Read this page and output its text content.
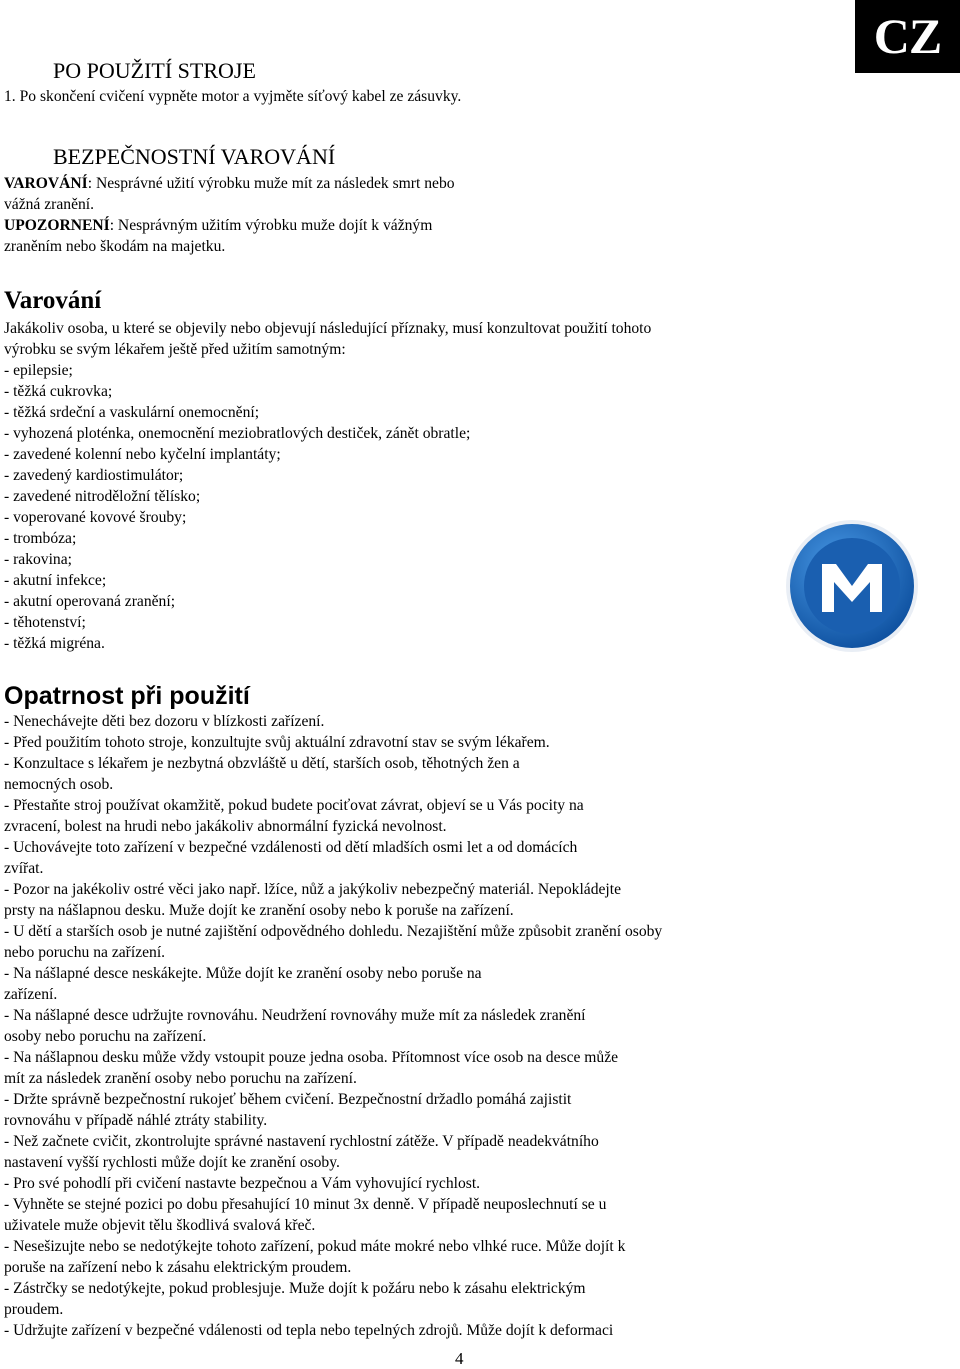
CZ
PO POUŽITÍ STROJE
1. Po skončení cvičení vypněte motor a vyjměte síťový kabel ze zásuvky.
BEZPEČNOSTNÍ VAROVÁNÍ
VAROVÁNÍ: Nesprávné užití výrobku muže mít za následek smrt nebo
vážná zranění.
UPOZORNENÍ: Nesprávným užitím výrobku muže dojít k vážným
zraněním nebo škodám na majetku.
Varování
Jakákoliv osoba, u které se objevily nebo objevují následující příznaky, musí konzultovat použití tohoto
výrobku se svým lékařem ještě před užitím samotným:
- epilepsie;
- těžká cukrovka;
- těžká srdeční a vaskulární onemocnění;
- vyhozená ploténka, onemocnění meziobratlových destiček, zánět obratle;
- zavedené kolenní nebo kyčelní implantáty;
- zavedený kardiostimulátor;
- zavedené nitroděložní tělísko;
- voperované kovové šrouby;
- trombóza;
- rakovina;
- akutní infekce;
- akutní operovaná zranění;
- těhotenství;
- těžká migréna.
Opatrnost při použití
- Nenechávejte děti bez dozoru v blízkosti zařízení.
- Před použitím tohoto stroje, konzultujte svůj aktuální zdravotní stav se svým lékařem.
- Konzultace s lékařem je nezbytná obzvláště u dětí, starších osob, těhotných žen a
nemocných osob.
- Přestaňte stroj používat okamžitě, pokud budete pociťovat závrat, objeví se u Vás pocity na
zvracení, bolest na hrudi nebo jakákoliv abnormální fyzická nevolnost.
- Uchovávejte toto zařízení v bezpečné vzdálenosti od dětí mladších osmi let a od domácích
zvířat.
- Pozor na jakékoliv ostré věci jako např. lžíce, nůž a jakýkoliv nebezpečný materiál. Nepokládejte
prsty na nášlapnou desku. Muže dojít ke zranění osoby nebo k poruše na zařízení.
- U dětí a starších osob je nutné zajištění odpovědného dohledu. Nezajištění může způsobit zranění osoby
nebo poruchu na zařízení.
- Na nášlapné desce neskákejte. Může dojít ke zranění osoby nebo poruše na
zařízení.
- Na nášlapné desce udržujte rovnováhu. Neudržení rovnováhy muže mít za následek zranění
osoby nebo poruchu na zařízení.
- Na nášlapnou desku může vždy vstoupit pouze jedna osoba. Přítomnost více osob na desce může
mít za následek zranění osoby nebo poruchu na zařízení.
- Držte správně bezpečnostní rukojeť během cvičení. Bezpečnostní držadlo pomáhá zajistit
rovnováhu v případě náhlé ztráty stability.
- Než začnete cvičit, zkontrolujte správné nastavení rychlostní zátěže. V případě neadekvátního
nastavení vyšší rychlosti může dojít ke zranění osoby.
- Pro své pohodlí při cvičení nastavte bezpečnou a Vám vyhovující rychlost.
- Vyhněte se stejné pozici po dobu přesahující 10 minut 3x denně. V případě neuposlechnutí se u
uživatele muže objevit tělu škodlivá svalová křeč.
- Nesešizujte nebo se nedotýkejte tohoto zařízení, pokud máte mokré nebo vlhké ruce. Může dojít k
poruše na zařízení nebo k zásahu elektrickým proudem.
- Zástrčky se nedotýkejte, pokud problesjuje. Muže dojít k požáru nebo k zásahu elektrickým
proudem.
- Udržujte zařízení v bezpečné vdálenosti od tepla nebo tepelných zdrojů. Může dojít k deformaci
4
